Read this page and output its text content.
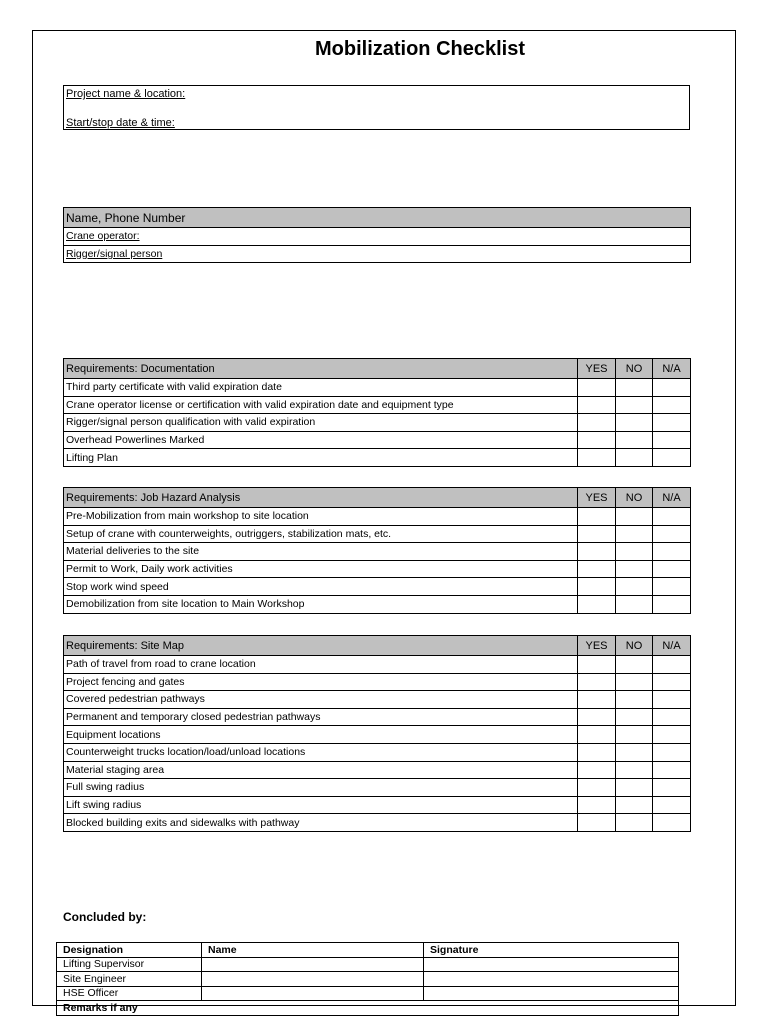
Mobilization Checklist
Project name & location:
Start/stop date & time:
Name, Phone Number
Crane operator:
Rigger/signal person
Requirements: Documentation	YES	NO	N/A
Third party certificate with valid expiration date			
Crane operator license or certification with valid expiration date and equipment type			
Rigger/signal person qualification with valid expiration			
Overhead Powerlines Marked			
Lifting Plan			
Requirements: Job Hazard Analysis	YES	NO	N/A
Pre-Mobilization from main workshop to site location			
Setup of crane with counterweights, outriggers, stabilization mats, etc.			
Material deliveries to the site			
Permit to Work, Daily work activities			
Stop work wind speed			
Demobilization from site location to Main Workshop			
Requirements: Site Map	YES	NO	N/A
Path of travel from road to crane location			
Project fencing and gates			
Covered pedestrian pathways			
Permanent and temporary closed pedestrian pathways			
Equipment locations			
Counterweight trucks location/load/unload locations			
Material staging area			
Full swing radius			
Lift swing radius			
Blocked building exits and sidewalks with pathway			
Concluded by:
Designation	Name	Signature
Lifting Supervisor		
Site Engineer		
HSE Officer		
Remarks if any		
